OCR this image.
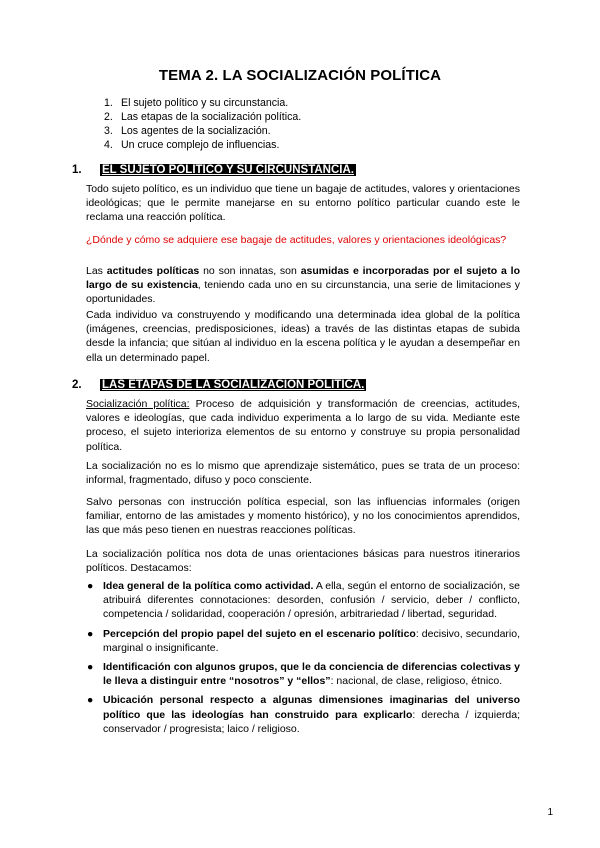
TEMA 2. LA SOCIALIZACIÓN POLÍTICA
1. El sujeto político y su circunstancia.
2. Las etapas de la socialización política.
3. Los agentes de la socialización.
4. Un cruce complejo de influencias.
1. EL SUJETO POLÍTICO Y SU CIRCUNSTANCIA.

Todo sujeto político, es un individuo que tiene un bagaje de actitudes, valores y orientaciones ideológicas; que le permite manejarse en su entorno político particular cuando este le reclama una reacción política.

¿Dónde y cómo se adquiere ese bagaje de actitudes, valores y orientaciones ideológicas?

Las actitudes políticas no son innatas, son asumidas e incorporadas por el sujeto a lo largo de su existencia, teniendo cada uno en su circunstancia, una serie de limitaciones y oportunidades.

Cada individuo va construyendo y modificando una determinada idea global de la política (imágenes, creencias, predisposiciones, ideas) a través de las distintas etapas de subida desde la infancia; que sitúan al individuo en la escena política y le ayudan a desempeñar en ella un determinado papel.

2. LAS ETAPAS DE LA SOCIALIZACIÓN POLÍTICA.

Socialización política: Proceso de adquisición y transformación de creencias, actitudes, valores e ideologías, que cada individuo experimenta a lo largo de su vida. Mediante este proceso, el sujeto interioriza elementos de su entorno y construye su propia personalidad política.

La socialización no es lo mismo que aprendizaje sistemático, pues se trata de un proceso: informal, fragmentado, difuso y poco consciente.

Salvo personas con instrucción política especial, son las influencias informales (origen familiar, entorno de las amistades y momento histórico), y no los conocimientos aprendidos, las que más peso tienen en nuestras reacciones políticas.

La socialización política nos dota de unas orientaciones básicas para nuestros itinerarios políticos. Destacamos:

● Idea general de la política como actividad. A ella, según el entorno de socialización, se atribuirá diferentes connotaciones: desorden, confusión / servicio, deber / conflicto, competencia / solidaridad, cooperación / opresión, arbitrariedad / libertad, seguridad.
● Percepción del propio papel del sujeto en el escenario político: decisivo, secundario, marginal o insignificante.
● Identificación con algunos grupos, que le da conciencia de diferencias colectivas y le lleva a distinguir entre “nosotros” y “ellos”: nacional, de clase, religioso, étnico.
● Ubicación personal respecto a algunas dimensiones imaginarias del universo político que las ideologías han construido para explicarlo: derecha / izquierda; conservador / progresista; laico / religioso.
1
